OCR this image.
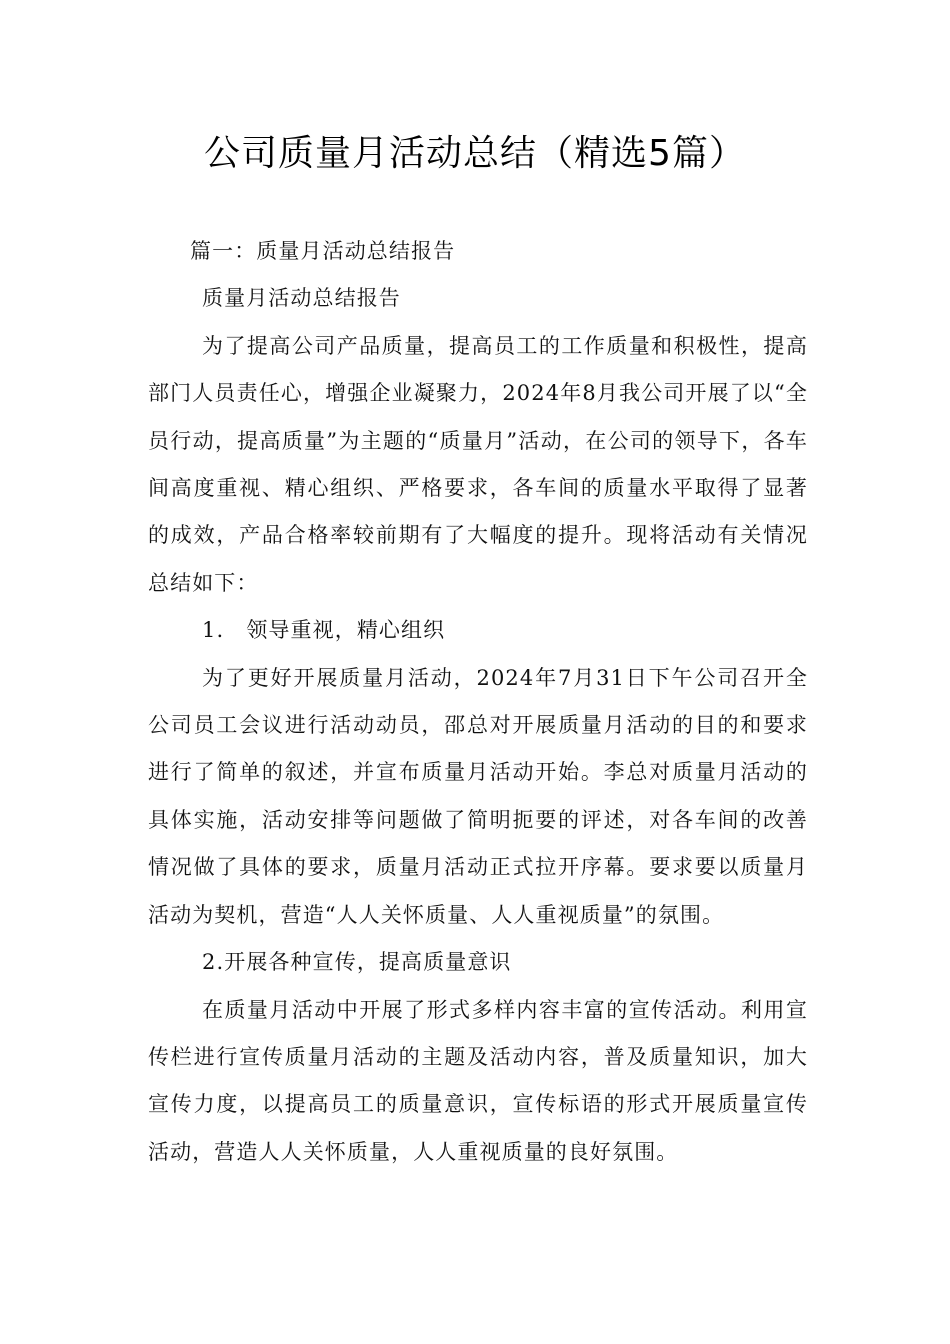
公司质量月活动总结（精选5篇）

篇一：质量月活动总结报告

质量月活动总结报告

为了提高公司产品质量，提高员工的工作质量和积极性，提高部门人员责任心，增强企业凝聚力，2024年8月我公司开展了以“全员行动，提高质量”为主题的“质量月”活动，在公司的领导下，各车间高度重视、精心组织、严格要求，各车间的质量水平取得了显著的成效，产品合格率较前期有了大幅度的提升。现将活动有关情况总结如下：

1.　领导重视，精心组织

为了更好开展质量月活动，2024年7月31日下午公司召开全公司员工会议进行活动动员，邵总对开展质量月活动的目的和要求进行了简单的叙述，并宣布质量月活动开始。李总对质量月活动的具体实施，活动安排等问题做了简明扼要的评述，对各车间的改善情况做了具体的要求，质量月活动正式拉开序幕。要求要以质量月活动为契机，营造“人人关怀质量、人人重视质量”的氛围。

2.开展各种宣传，提高质量意识

在质量月活动中开展了形式多样内容丰富的宣传活动。利用宣传栏进行宣传质量月活动的主题及活动内容，普及质量知识，加大宣传力度，以提高员工的质量意识，宣传标语的形式开展质量宣传活动，营造人人关怀质量，人人重视质量的良好氛围。
